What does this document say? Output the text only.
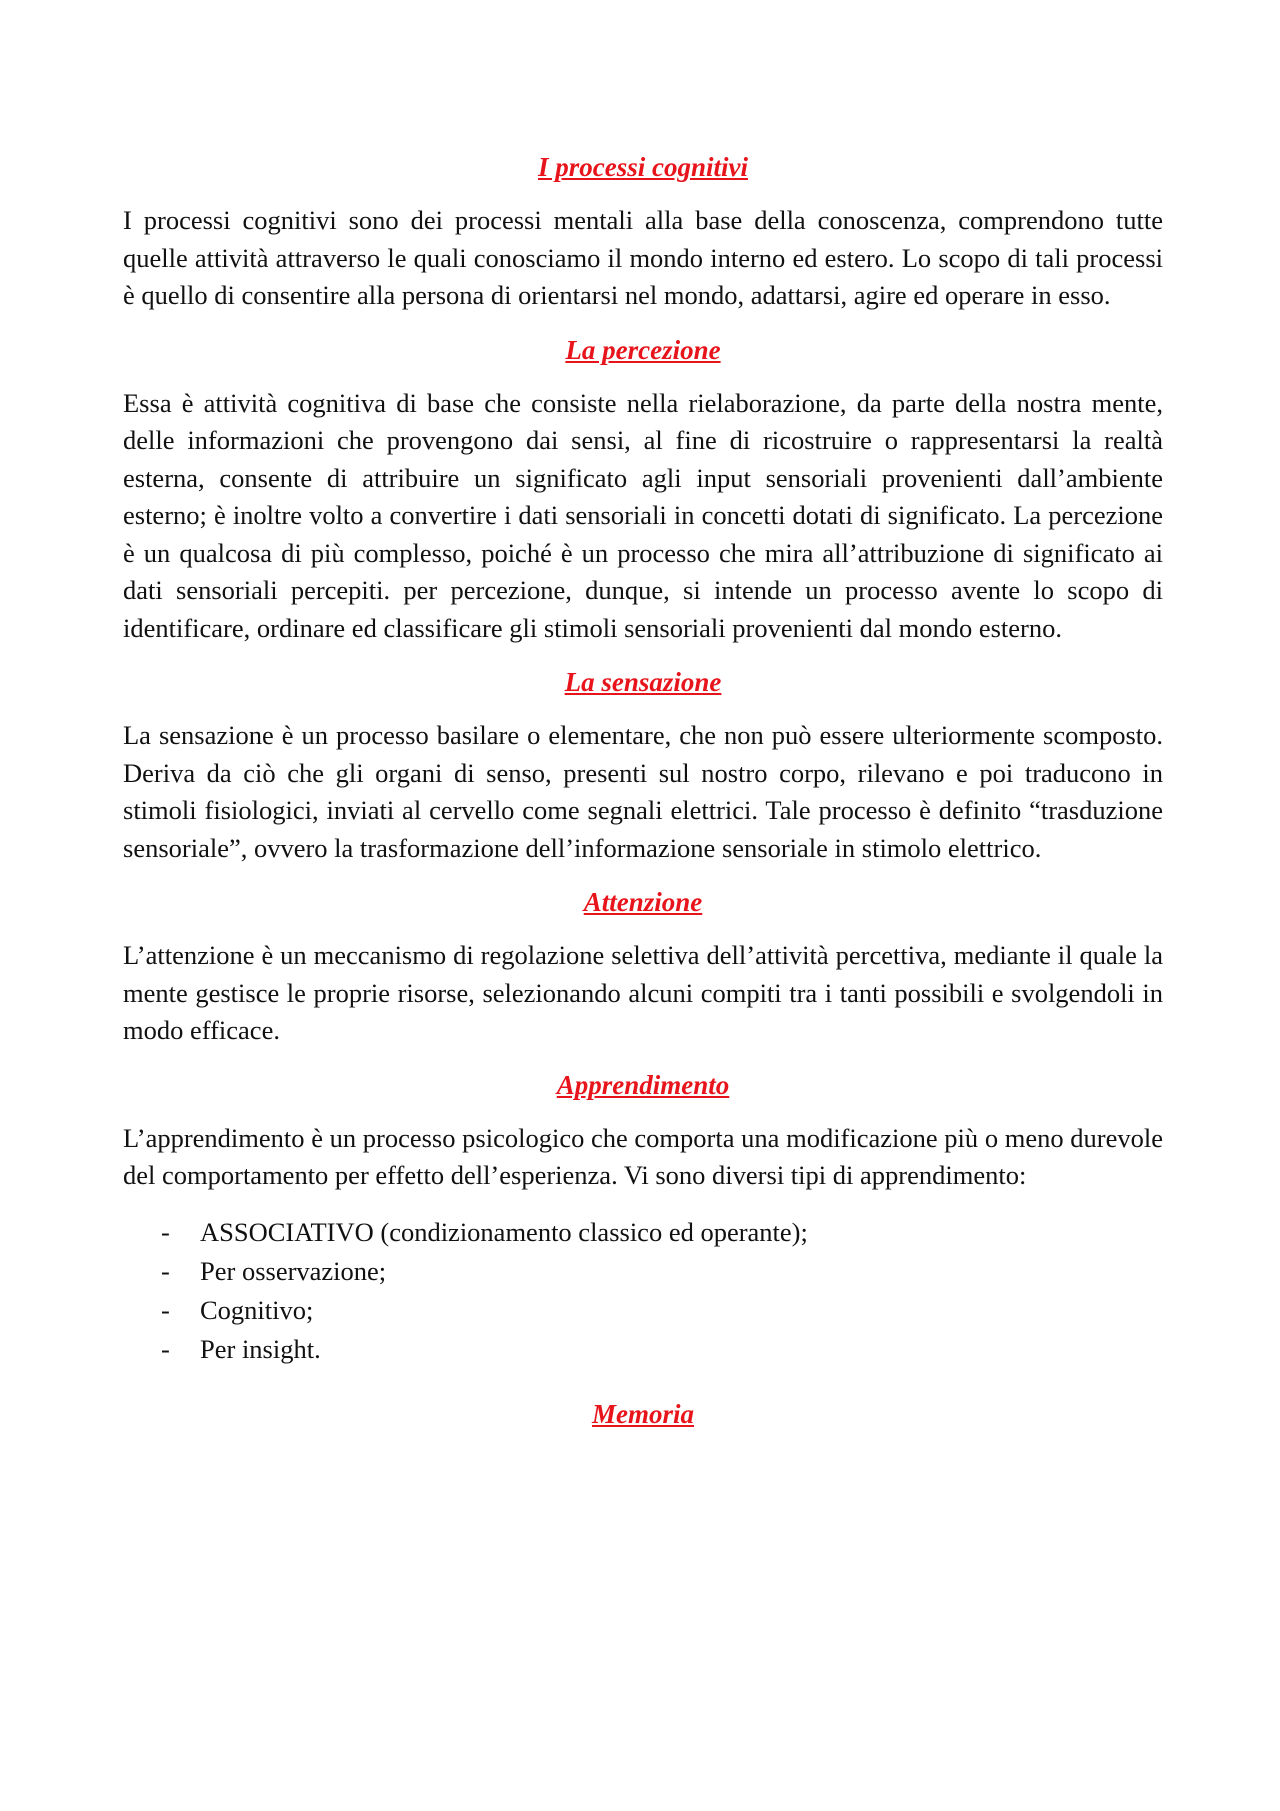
I processi cognitivi

I processi cognitivi sono dei processi mentali alla base della conoscenza, comprendono tutte quelle attività attraverso le quali conosciamo il mondo interno ed estero. Lo scopo di tali processi è quello di consentire alla persona di orientarsi nel mondo, adattarsi, agire ed operare in esso.

La percezione

Essa è attività cognitiva di base che consiste nella rielaborazione, da parte della nostra mente, delle informazioni che provengono dai sensi, al fine di ricostruire o rappresentarsi la realtà esterna, consente di attribuire un significato agli input sensoriali provenienti dall’ambiente esterno; è inoltre volto a convertire i dati sensoriali in concetti dotati di significato. La percezione è un qualcosa di più complesso, poiché è un processo che mira all’attribuzione di significato ai dati sensoriali percepiti. per percezione, dunque, si intende un processo avente lo scopo di identificare, ordinare ed classificare gli stimoli sensoriali provenienti dal mondo esterno.

La sensazione

La sensazione è un processo basilare o elementare, che non può essere ulteriormente scomposto. Deriva da ciò che gli organi di senso, presenti sul nostro corpo, rilevano e poi traducono in stimoli fisiologici, inviati al cervello come segnali elettrici. Tale processo è definito “trasduzione sensoriale”, ovvero la trasformazione dell’informazione sensoriale in stimolo elettrico.

Attenzione

L’attenzione è un meccanismo di regolazione selettiva dell’attività percettiva, mediante il quale la mente gestisce le proprie risorse, selezionando alcuni compiti tra i tanti possibili e svolgendoli in modo efficace.

Apprendimento

L’apprendimento è un processo psicologico che comporta una modificazione più o meno durevole del comportamento per effetto dell’esperienza. Vi sono diversi tipi di apprendimento:

- ASSOCIATIVO (condizionamento classico ed operante);
- Per osservazione;
- Cognitivo;
- Per insight.
Memoria
